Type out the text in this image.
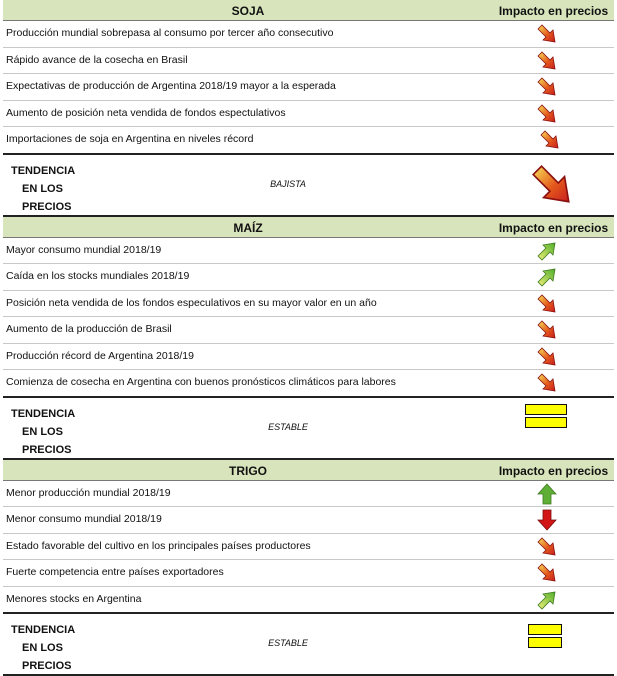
SOJA	Impacto en precios
Producción mundial sobrepasa al consumo por tercer año consecutivo
Rápido avance de la cosecha en Brasil
Expectativas de producción de Argentina 2018/19 mayor a la esperada
Aumento de posición neta vendida de fondos espectulativos
Importaciones de soja en Argentina en niveles récord
TENDENCIA
EN LOS
PRECIOS
BAJISTA
MAÍZ	Impacto en precios
Mayor consumo mundial 2018/19
Caída en los stocks mundiales 2018/19
Posición neta vendida de los fondos especulativos en su mayor valor en un año
Aumento de la producción de Brasil
Producción récord de Argentina 2018/19
Comienza de cosecha en Argentina con buenos pronósticos climáticos para labores
TENDENCIA
EN LOS
PRECIOS
ESTABLE
TRIGO	Impacto en precios
Menor producción mundial 2018/19
Menor consumo mundial 2018/19
Estado favorable del cultivo en los principales países productores
Fuerte competencia entre países exportadores
Menores stocks en Argentina
TENDENCIA
EN LOS
PRECIOS
ESTABLE
